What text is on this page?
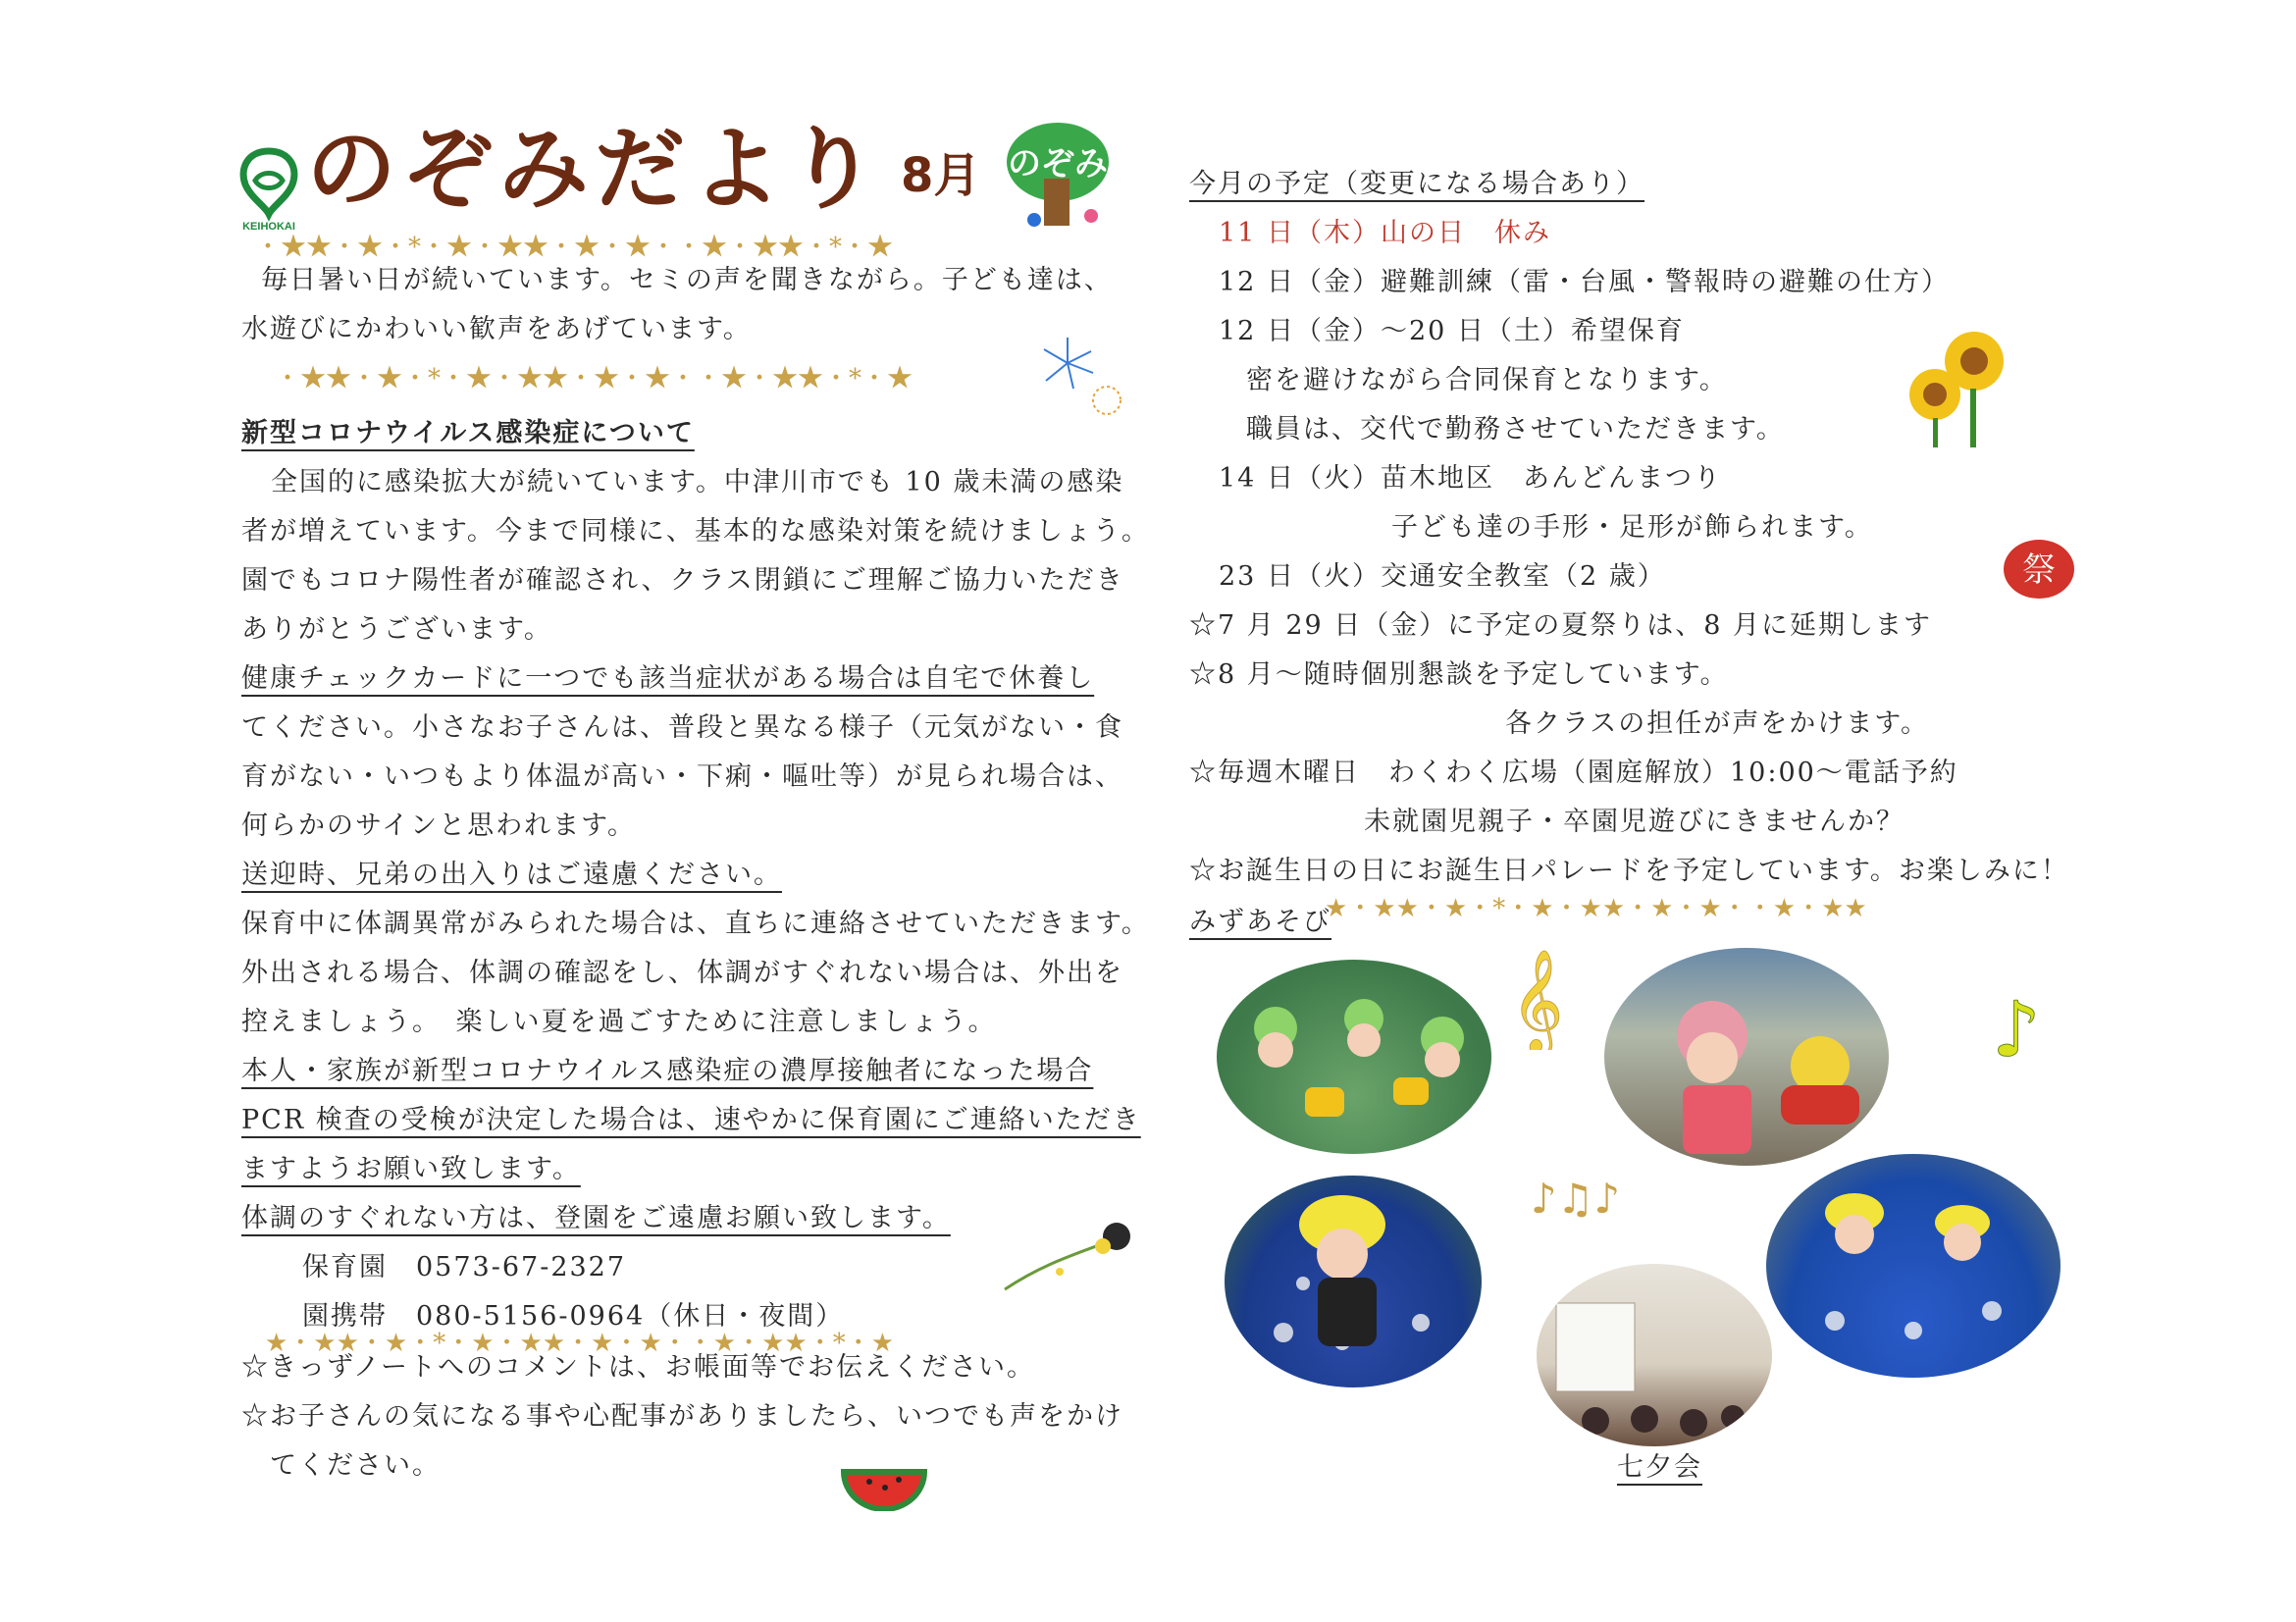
KEIHOKAI
のぞみだより 8月 のぞみ
・★★・★・*・★・★★・★・★・・★・★★・*・★
・★★・★・*・★・★★・★・★・・★・★★・*・★
★・★★・★・*・★・★★・★・★・・★・★★・*・★
★・★★・★・*・★・★★・★・★・・★・★★
毎日暑い日が続いています。セミの声を聞きながら。子ども達は、
水遊びにかわいい歓声をあげています。
新型コロナウイルス感染症について
全国的に感染拡大が続いています。中津川市でも 10 歳未満の感染
者が増えています。今まで同様に、基本的な感染対策を続けましょう。
園でもコロナ陽性者が確認され、クラス閉鎖にご理解ご協力いただき
ありがとうございます。
健康チェックカードに一つでも該当症状がある場合は自宅で休養し
てください。小さなお子さんは、普段と異なる様子（元気がない・食
育がない・いつもより体温が高い・下痢・嘔吐等）が見られ場合は、
何らかのサインと思われます。
送迎時、兄弟の出入りはご遠慮ください。
保育中に体調異常がみられた場合は、直ちに連絡させていただきます。
外出される場合、体調の確認をし、体調がすぐれない場合は、外出を
控えましょう。　楽しい夏を過ごすために注意しましょう。
本人・家族が新型コロナウイルス感染症の濃厚接触者になった場合
PCR 検査の受検が決定した場合は、速やかに保育園にご連絡いただき
ますようお願い致します。
体調のすぐれない方は、登園をご遠慮お願い致します。
保育園　0573-67-2327
園携帯　080-5156-0964（休日・夜間）
☆きっずノートへのコメントは、お帳面等でお伝えください。
☆お子さんの気になる事や心配事がありましたら、いつでも声をかけ
　てください。
今月の予定（変更になる場合あり）
11 日（木）山の日　休み
12 日（金）避難訓練（雷・台風・警報時の避難の仕方）
12 日（金）～20 日（土）希望保育
密を避けながら合同保育となります。
職員は、交代で勤務させていただきます。
14 日（火）苗木地区　あんどんまつり
子ども達の手形・足形が飾られます。
23 日（火）交通安全教室（2 歳）
☆7 月 29 日（金）に予定の夏祭りは、8 月に延期します
☆8 月～随時個別懇談を予定しています。
各クラスの担任が声をかけます。
☆毎週木曜日　わくわく広場（園庭解放）10:00～電話予約
未就園児親子・卒園児遊びにきませんか？
☆お誕生日の日にお誕生日パレードを予定しています。お楽しみに！
みずあそび
祭
𝄞	♪
♪♫♪
七夕会
